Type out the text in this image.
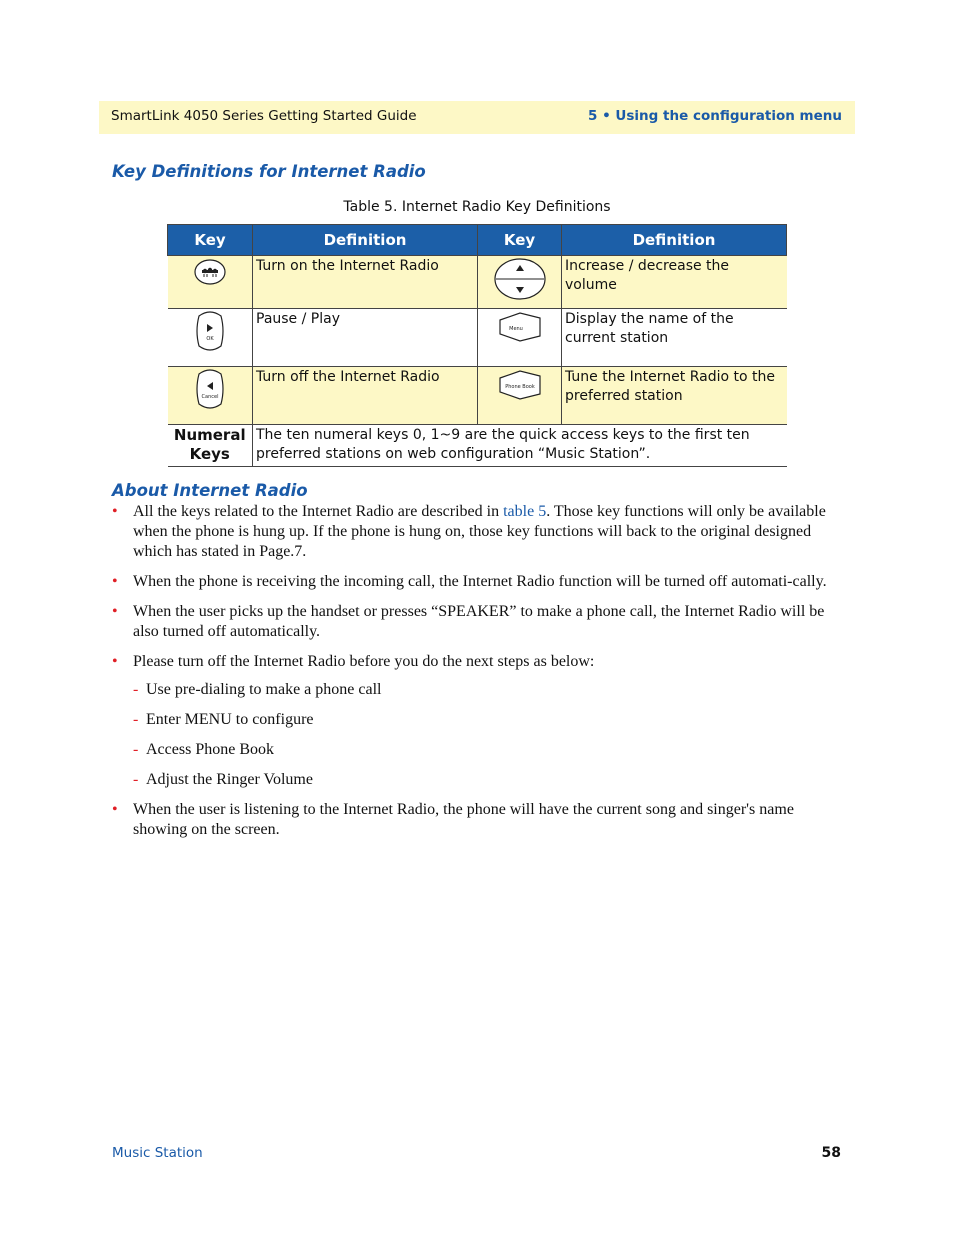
SmartLink 4050 Series Getting Started Guide	5 • Using the configuration menu
Key Definitions for Internet Radio
Table 5. Internet Radio Key Definitions
Key	Definition	Key	Definition
	Turn on the Internet Radio		Increase / decrease the volume

OK	Pause / Play	Menu	Display the name of the current station

Cancel	Turn off the Internet Radio	Phone Book	Tune the Internet Radio to the preferred station
Numeral Keys	The ten numeral keys 0, 1~9 are the quick access keys to the first ten preferred stations on web configuration “Music Station”.		
About Internet Radio
• All the keys related to the Internet Radio are described in table 5. Those key functions will only be available when the phone is hung up. If the phone is hung on, those key functions will back to the original designed which has stated in Page.7.
• When the phone is receiving the incoming call, the Internet Radio function will be turned off automati-cally.
• When the user picks up the handset or presses “SPEAKER” to make a phone call, the Internet Radio will be also turned off automatically.
• Please turn off the Internet Radio before you do the next steps as below:
- Use pre-dialing to make a phone call
- Enter MENU to configure
- Access Phone Book
- Adjust the Ringer Volume
• When the user is listening to the Internet Radio, the phone will have the current song and singer's name showing on the screen.
Music Station	58
